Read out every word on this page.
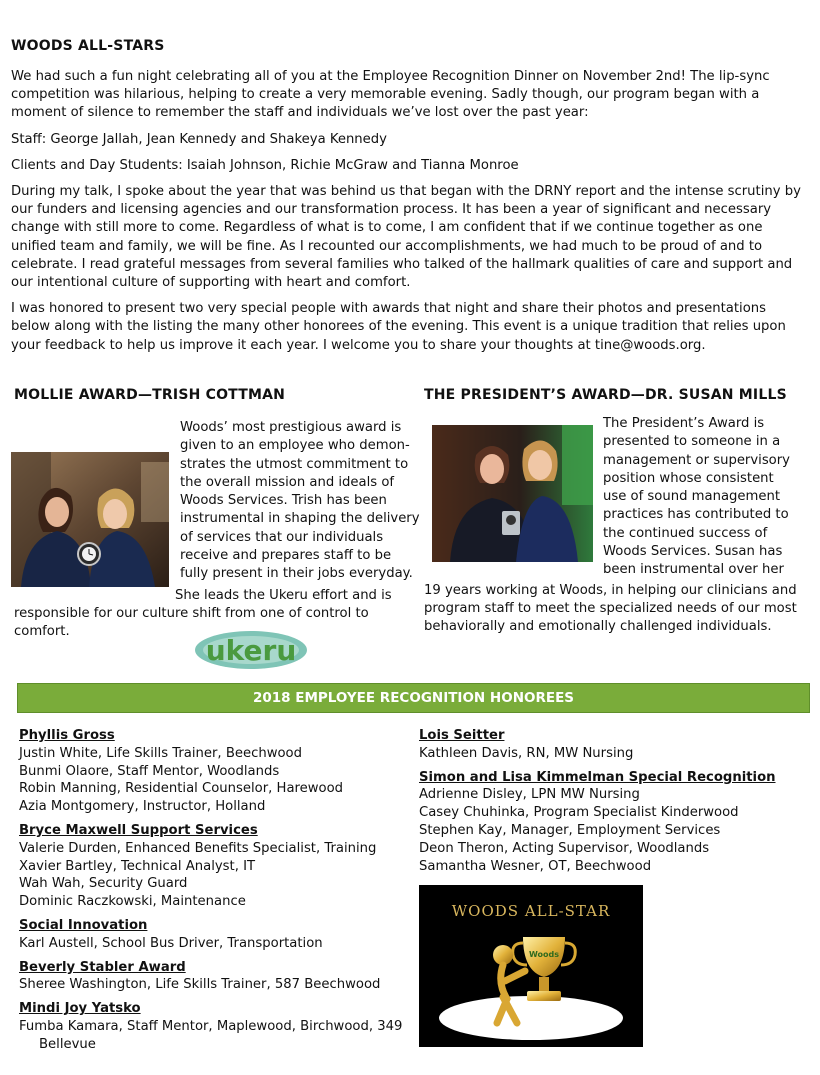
WOODS ALL-STARS

We had such a fun night celebrating all of you at the Employee Recognition Dinner on November 2nd! The lip-sync competition was hilarious, helping to create a very memorable evening. Sadly though, our program began with a moment of silence to remember the staff and individuals we’ve lost over the past year:

Staff: George Jallah, Jean Kennedy and Shakeya Kennedy

Clients and Day Students: Isaiah Johnson, Richie McGraw and Tianna Monroe

During my talk, I spoke about the year that was behind us that began with the DRNY report and the intense scrutiny by our funders and licensing agencies and our transformation process. It has been a year of significant and necessary change with still more to come. Regardless of what is to come, I am confident that if we continue together as one unified team and family, we will be fine. As I recounted our accomplishments, we had much to be proud of and to celebrate. I read grateful messages from several families who talked of the hallmark qualities of care and support and our intentional culture of supporting with heart and comfort.

I was honored to present two very special people with awards that night and share their photos and presentations below along with the listing the many other honorees of the evening. This event is a unique tradition that relies upon your feedback to help us improve it each year. I welcome you to share your thoughts at tine@woods.org.

MOLLIE AWARD—TRISH COTTMAN
Woods’ most prestigious award is
given to an employee who demon-
strates the utmost commitment to
the overall mission and ideals of
Woods Services. Trish has been
instrumental in shaping the delivery
of services that our individuals
receive and prepares staff to be
fully present in their jobs everyday.
She leads the Ukeru effort and is
responsible for our culture shift from one of control to
comfort.
ukeru
THE PRESIDENT’S AWARD—DR. SUSAN MILLS
The President’s Award is
presented to someone in a
management or supervisory
position whose consistent
use of sound management
practices has contributed to
the continued success of
Woods Services. Susan has
been instrumental over her
19 years working at Woods, in helping our clinicians and
program staff to meet the specialized needs of our most
behaviorally and emotionally challenged individuals.
2018 EMPLOYEE RECOGNITION HONOREES
Phyllis Gross
Justin White, Life Skills Trainer, Beechwood
Bunmi Olaore, Staff Mentor, Woodlands
Robin Manning, Residential Counselor, Harewood
Azia Montgomery, Instructor, Holland
Bryce Maxwell Support Services
Valerie Durden, Enhanced Benefits Specialist, Training
Xavier Bartley, Technical Analyst, IT
Wah Wah, Security Guard
Dominic Raczkowski, Maintenance
Social Innovation
Karl Austell, School Bus Driver, Transportation
Beverly Stabler Award
Sheree Washington, Life Skills Trainer, 587 Beechwood
Mindi Joy Yatsko
Fumba Kamara, Staff Mentor, Maplewood, Birchwood, 349 Bellevue
Lois Seitter
Kathleen Davis, RN, MW Nursing
Simon and Lisa Kimmelman Special Recognition
Adrienne Disley, LPN MW Nursing
Casey Chuhinka, Program Specialist Kinderwood
Stephen Kay, Manager, Employment Services
Deon Theron, Acting Supervisor, Woodlands
Samantha Wesner, OT, Beechwood
WOODS ALL-STAR
Woods
